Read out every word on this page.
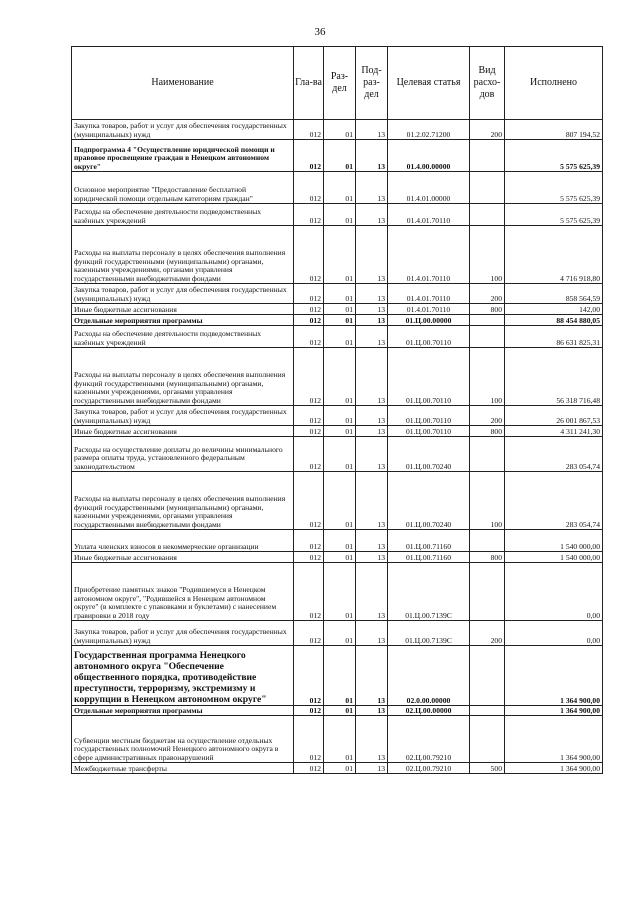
36
Наименование	Гла-ва	Раз-дел	Под-раз-дел	Целевая статья	Вид расхо-дов	Исполнено
Закупка товаров, работ и услуг для обеспечения государственных (муниципальных) нужд	012	01	13	01.2.02.71200	200	807 194,52
Подпрограмма 4 "Осуществление юридической помощи и правовое просвещение граждан в Ненецком автономном округе"	012	01	13	01.4.00.00000		5 575 625,39
Основное мероприятие "Предоставление бесплатной юридической помощи отдельным категориям граждан"	012	01	13	01.4.01.00000		5 575 625,39
Расходы на обеспечение деятельности подведомственных казённых учреждений	012	01	13	01.4.01.70110		5 575 625,39
Расходы на выплаты персоналу в целях обеспечения выполнения функций государственными (муниципальными) органами, казенными учреждениями, органами управления государственными внебюджетными фондами	012	01	13	01.4.01.70110	100	4 716 918,80
Закупка товаров, работ и услуг для обеспечения государственных (муниципальных) нужд	012	01	13	01.4.01.70110	200	858 564,59
Иные бюджетные ассигнования	012	01	13	01.4.01.70110	800	142,00
Отдельные мероприятия программы	012	01	13	01.Ц.00.00000		88 454 880,05
Расходы на обеспечение деятельности подведомственных казённых учреждений	012	01	13	01.Ц.00.70110		86 631 825,31
Расходы на выплаты персоналу в целях обеспечения выполнения функций государственными (муниципальными) органами, казенными учреждениями, органами управления государственными внебюджетными фондами	012	01	13	01.Ц.00.70110	100	56 318 716,48
Закупка товаров, работ и услуг для обеспечения государственных (муниципальных) нужд	012	01	13	01.Ц.00.70110	200	26 001 867,53
Иные бюджетные ассигнования	012	01	13	01.Ц.00.70110	800	4 311 241,30
Расходы на осуществление доплаты до величины минимального размера оплаты труда, установленного федеральным законодательством	012	01	13	01.Ц.00.70240		283 054,74
Расходы на выплаты персоналу в целях обеспечения выполнения функций государственными (муниципальными) органами, казенными учреждениями, органами управления государственными внебюджетными фондами	012	01	13	01.Ц.00.70240	100	283 054,74
Уплата членских взносов в некоммерческие организации	012	01	13	01.Ц.00.71160		1 540 000,00
Иные бюджетные ассигнования	012	01	13	01.Ц.00.71160	800	1 540 000,00
Приобретение памятных знаков "Родившемуся в Ненецком автономном округе", "Родившейся в Ненецком автономном округе" (в комплекте с упаковками и буклетами) с нанесением гравировки в 2018 году	012	01	13	01.Ц.00.7139С		0,00
Закупка товаров, работ и услуг для обеспечения государственных (муниципальных) нужд	012	01	13	01.Ц.00.7139С	200	0,00
Государственная программа Ненецкого автономного округа "Обеспечение общественного порядка, противодействие преступности, терроризму, экстремизму и коррупции в Ненецком автономном округе"	012	01	13	02.0.00.00000		1 364 900,00
Отдельные мероприятия программы	012	01	13	02.Ц.00.00000		1 364 900,00
Субвенции местным бюджетам на осуществление отдельных государственных полномочий Ненецкого автономного округа в сфере административных правонарушений	012	01	13	02.Ц.00.79210		1 364 900,00
Межбюджетные трансферты	012	01	13	02.Ц.00.79210	500	1 364 900,00
